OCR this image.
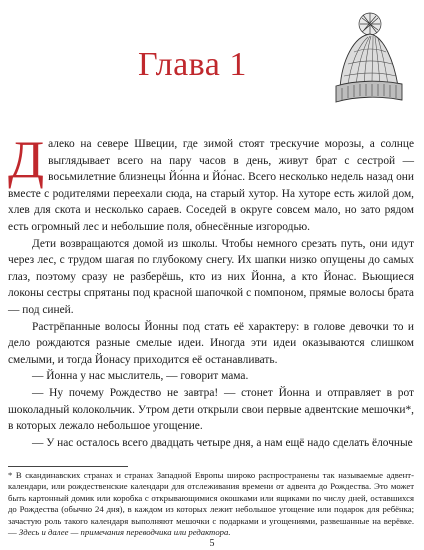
Глава 1

Далеко на севере Швеции, где зимой стоят трескучие морозы, а солнце выглядывает всего на пару часов в день, живут брат с сестрой — восьмилетние близнецы Йо́нна и Йо́нас. Всего несколько недель назад они вместе с родителями переехали сюда, на старый хутор. На хуторе есть жилой дом, хлев для скота и несколько сараев. Соседей в округе совсем мало, но зато рядом есть огромный лес и небольшие поля, обнесённые изгородью.

Дети возвращаются домой из школы. Чтобы немного срезать путь, они идут через лес, с трудом шагая по глубокому снегу. Их шапки низко опущены до самых глаз, поэтому сразу не разберёшь, кто из них Йонна, а кто Йонас. Вьющиеся локоны сестры спрятаны под красной шапочкой с помпоном, прямые волосы брата — под синей.

Растрёпанные волосы Йонны под стать её характеру: в голове девочки то и дело рождаются разные смелые идеи. Иногда эти идеи оказываются слишком смелыми, и тогда Йонасу приходится её останавливать.

— Йонна у нас мыслитель, — говорит мама.

— Ну почему Рождество не завтра! — стонет Йонна и отправляет в рот шоколадный колокольчик. Утром дети открыли свои первые адвентские мешочки*, в которых лежало небольшое угощение.

— У нас осталось всего двадцать четыре дня, а нам ещё надо сделать ёлочные

* В скандинавских странах и странах Западной Европы широко распространены так называемые адвент-календари, или рождественские календари для отслеживания времени от адвента до Рождества. Это может быть картонный домик или коробка с открывающимися окошками или ящиками по числу дней, оставшихся до Рождества (обычно 24 дня), в каждом из которых лежит небольшое угощение или подарок для ребёнка; зачастую роль такого календаря выполняют мешочки с подарками и угощениями, развешанные на верёвке. — Здесь и далее — примечания переводчика или редактора.
5
